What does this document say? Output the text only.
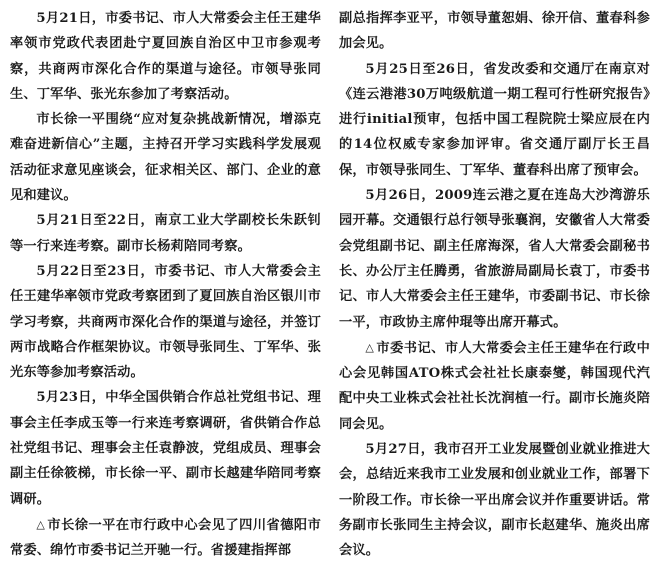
5月21日，市委书记、市人大常委会主任王建华率领市党政代表团赴宁夏回族自治区中卫市参观考察，共商两市深化合作的渠道与途径。市领导张同生、丁军华、张光东参加了考察活动。

市长徐一平围绕“应对复杂挑战新情况，增添克难奋进新信心”主题，主持召开学习实践科学发展观活动征求意见座谈会，征求相关区、部门、企业的意见和建议。

5月21日至22日，南京工业大学副校长朱跃钊等一行来连考察。副市长杨莉陪同考察。

5月22日至23日，市委书记、市人大常委会主任王建华率领市党政考察团到了夏回族自治区银川市学习考察，共商两市深化合作的渠道与途径，并签订两市战略合作框架协议。市领导张同生、丁军华、张光东等参加考察活动。

5月23日，中华全国供销合作总社党组书记、理事会主任李成玉等一行来连考察调研，省供销合作总社党组书记、理事会主任袁静波，党组成员、理事会副主任徐筱梯，市长徐一平、副市长越建华陪同考察调研。

△ 市长徐一平在市行政中心会见了四川省德阳市常委、绵竹市委书记兰开驰一行。省援建指挥部

副总指挥李亚平，市领导董恕娟、徐开信、董春科参加会见。

5月25日至26日，省发改委和交通厅在南京对《连云港港30万吨级航道一期工程可行性研究报告》进行initial预审，包括中国工程院院士梁应辰在内的14位权威专家参加评审。省交通厅副厅长王昌保，市领导张同生、丁军华、董春科出席了预审会。

5月26日，2009连云港之夏在连岛大沙湾游乐园开幕。交通银行总行领导张襄润，安徽省人大常委会党组副书记、副主任席海深，省人大常委会副秘书长、办公厅主任腾勇，省旅游局副局长袁丁，市委书记、市人大常委会主任王建华，市委副书记、市长徐一平，市政协主席仲琨等出席开幕式。

△ 市委书记、市人大常委会主任王建华在行政中心会见韩国ATO株式会社社长康泰燮，韩国现代汽配中央工业株式会社社长沈润植一行。副市长施炎陪同会见。

5月27日，我市召开工业发展暨创业就业推进大会，总结近来我市工业发展和创业就业工作，部署下一阶段工作。市长徐一平出席会议并作重要讲话。常务副市长张同生主持会议，副市长赵建华、施炎出席会议。
